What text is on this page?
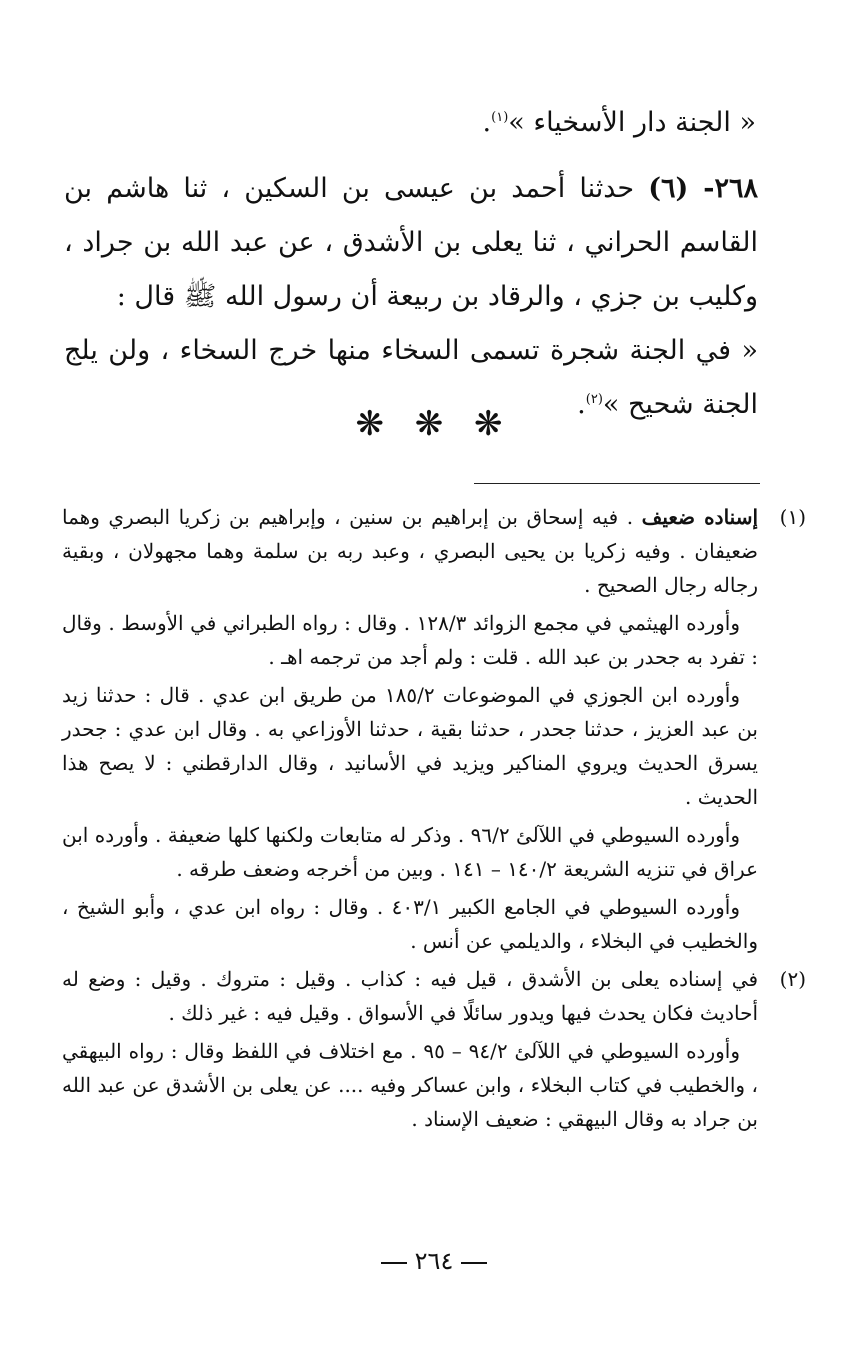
« الجنة دار الأسخياء »$^{(١)}$.

٢٦٨- (٦) حدثنا أحمد بن عيسى بن السكين ، ثنا هاشم بن القاسم الحراني ، ثنا يعلى بن الأشدق ، عن عبد الله بن جراد ، وكليب بن جزي ، والرقاد بن ربيعة أن رسول الله ﷺ قال :

« في الجنة شجرة تسمى السخاء منها خرج السخاء ، ولن يلج الجنة شحيح »$^{(٢)}$.

❋ ❋ ❋
(١)

إسناده ضعيف . فيه إسحاق بن إبراهيم بن سنين ، وإبراهيم بن زكريا البصري وهما ضعيفان . وفيه زكريا بن يحيى البصري ، وعبد ربه بن سلمة وهما مجهولان ، وبقية رجاله رجال الصحيح .

وأورده الهيثمي في مجمع الزوائد ١٢٨/٣ . وقال : رواه الطبراني في الأوسط . وقال : تفرد به جحدر بن عبد الله . قلت : ولم أجد من ترجمه اهـ .

وأورده ابن الجوزي في الموضوعات ١٨٥/٢ من طريق ابن عدي . قال : حدثنا زيد بن عبد العزيز ، حدثنا جحدر ، حدثنا بقية ، حدثنا الأوزاعي به . وقال ابن عدي : جحدر يسرق الحديث ويروي المناكير ويزيد في الأسانيد ، وقال الدارقطني : لا يصح هذا الحديث .

وأورده السيوطي في اللآلئ ٩٦/٢ . وذكر له متابعات ولكنها كلها ضعيفة . وأورده ابن عراق في تنزيه الشريعة ١٤٠/٢ – ١٤١ . وبين من أخرجه وضعف طرقه .

وأورده السيوطي في الجامع الكبير ٤٠٣/١ . وقال : رواه ابن عدي ، وأبو الشيخ ، والخطيب في البخلاء ، والديلمي عن أنس .

(٢)

في إسناده يعلى بن الأشدق ، قيل فيه : كذاب . وقيل : متروك . وقيل : وضع له أحاديث فكان يحدث فيها ويدور سائلًا في الأسواق . وقيل فيه : غير ذلك .

وأورده السيوطي في اللآلئ ٩٤/٢ – ٩٥ . مع اختلاف في اللفظ وقال : رواه البيهقي ، والخطيب في كتاب البخلاء ، وابن عساكر وفيه .... عن يعلى بن الأشدق عن عبد الله بن جراد به وقال البيهقي : ضعيف الإسناد .

٢٦٤
